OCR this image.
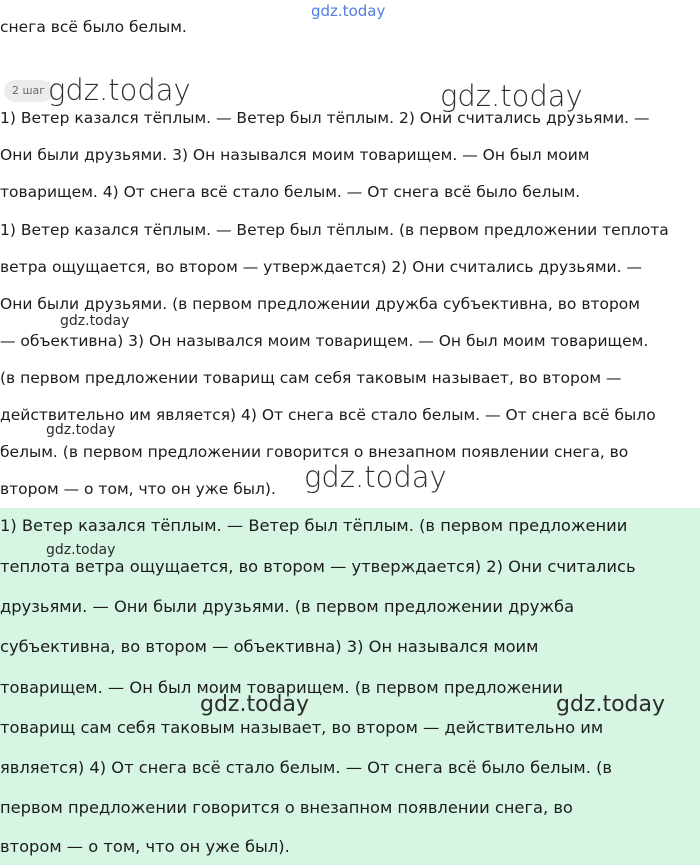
gdz.today
снега всё было белым.
2 шаг
1) Ветер казался тёплым. — Ветер был тёплым. 2) Они считались друзьями. —
Они были друзьями. 3) Он назывался моим товарищем. — Он был моим
товарищем. 4) От снега всё стало белым. — От снега всё было белым.
1) Ветер казался тёплым. — Ветер был тёплым. (в первом предложении теплота
ветра ощущается, во втором — утверждается) 2) Они считались друзьями. —
Они были друзьями. (в первом предложении дружба субъективна, во втором
— объективна) 3) Он назывался моим товарищем. — Он был моим товарищем.
(в первом предложении товарищ сам себя таковым называет, во втором —
действительно им является) 4) От снега всё стало белым. — От снега всё было
белым. (в первом предложении говорится о внезапном появлении снега, во
втором — о том, что он уже был).
1) Ветер казался тёплым. — Ветер был тёплым. (в первом предложении
теплота ветра ощущается, во втором — утверждается) 2) Они считались
друзьями. — Они были друзьями. (в первом предложении дружба
субъективна, во втором — объективна) 3) Он назывался моим
товарищем. — Он был моим товарищем. (в первом предложении
товарищ сам себя таковым называет, во втором — действительно им
является) 4) От снега всё стало белым. — От снега всё было белым. (в
первом предложении говорится о внезапном появлении снега, во
втором — о том, что он уже был).
gdz.today	gdz.today
gdz.today
gdz.today
gdz.today
gdz.today
gdz.today	gdz.today
